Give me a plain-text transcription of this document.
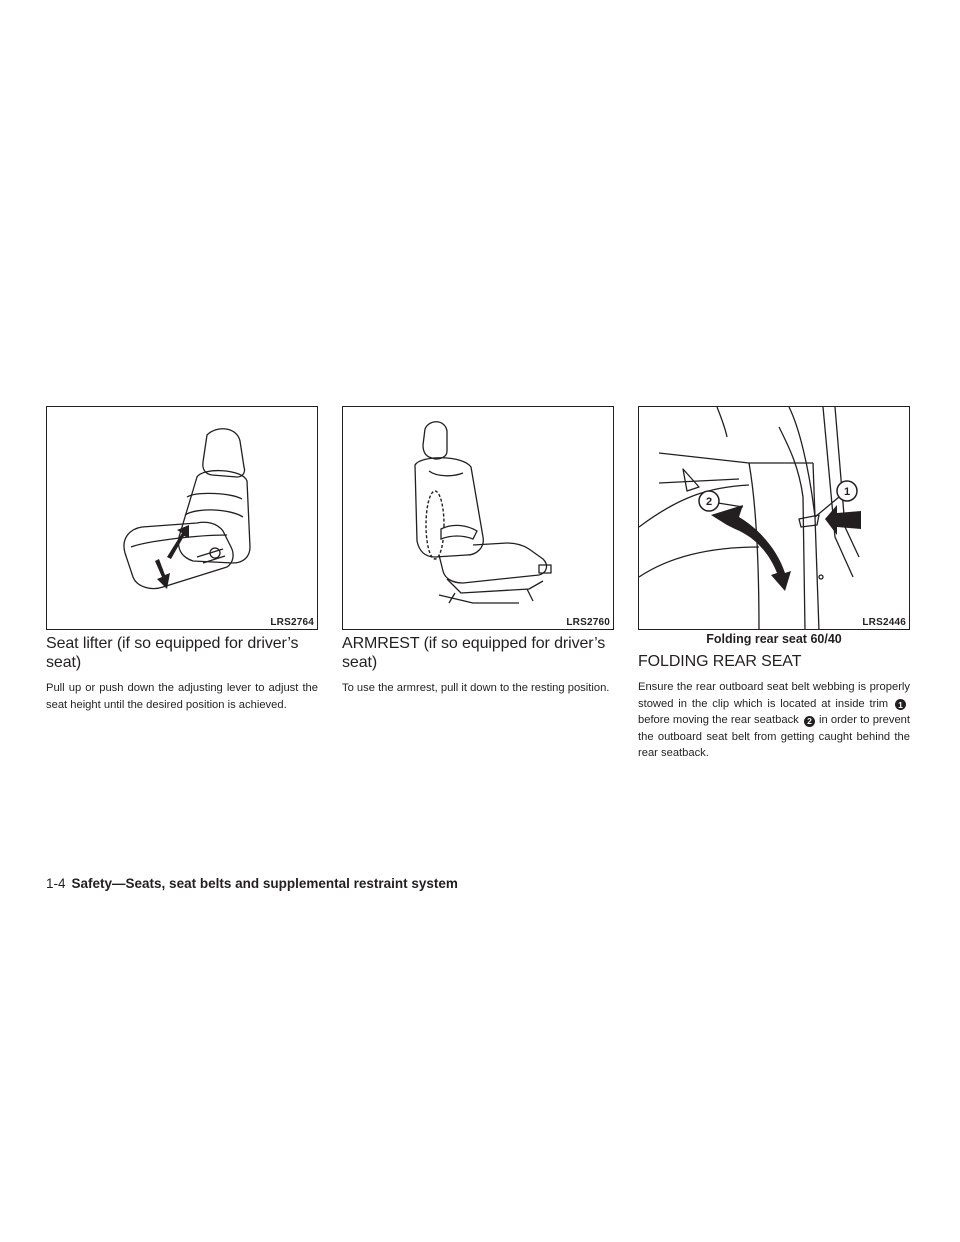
LRS2764	LRS2760
2
1
LRS2446
Folding rear seat 60/40
Seat lifter (if so equipped for driver’s seat)

Pull up or push down the adjusting lever to adjust the seat height until the desired position is achieved.

ARMREST (if so equipped for driver’s seat)

To use the armrest, pull it down to the resting position.

FOLDING REAR SEAT

Ensure the rear outboard seat belt webbing is properly stowed in the clip which is located at inside trim 1before moving the rear seatback 2 in order to prevent the outboard seat belt from getting caught behind the rear seatback.

1-4 Safety—Seats, seat belts and supplemental restraint system
